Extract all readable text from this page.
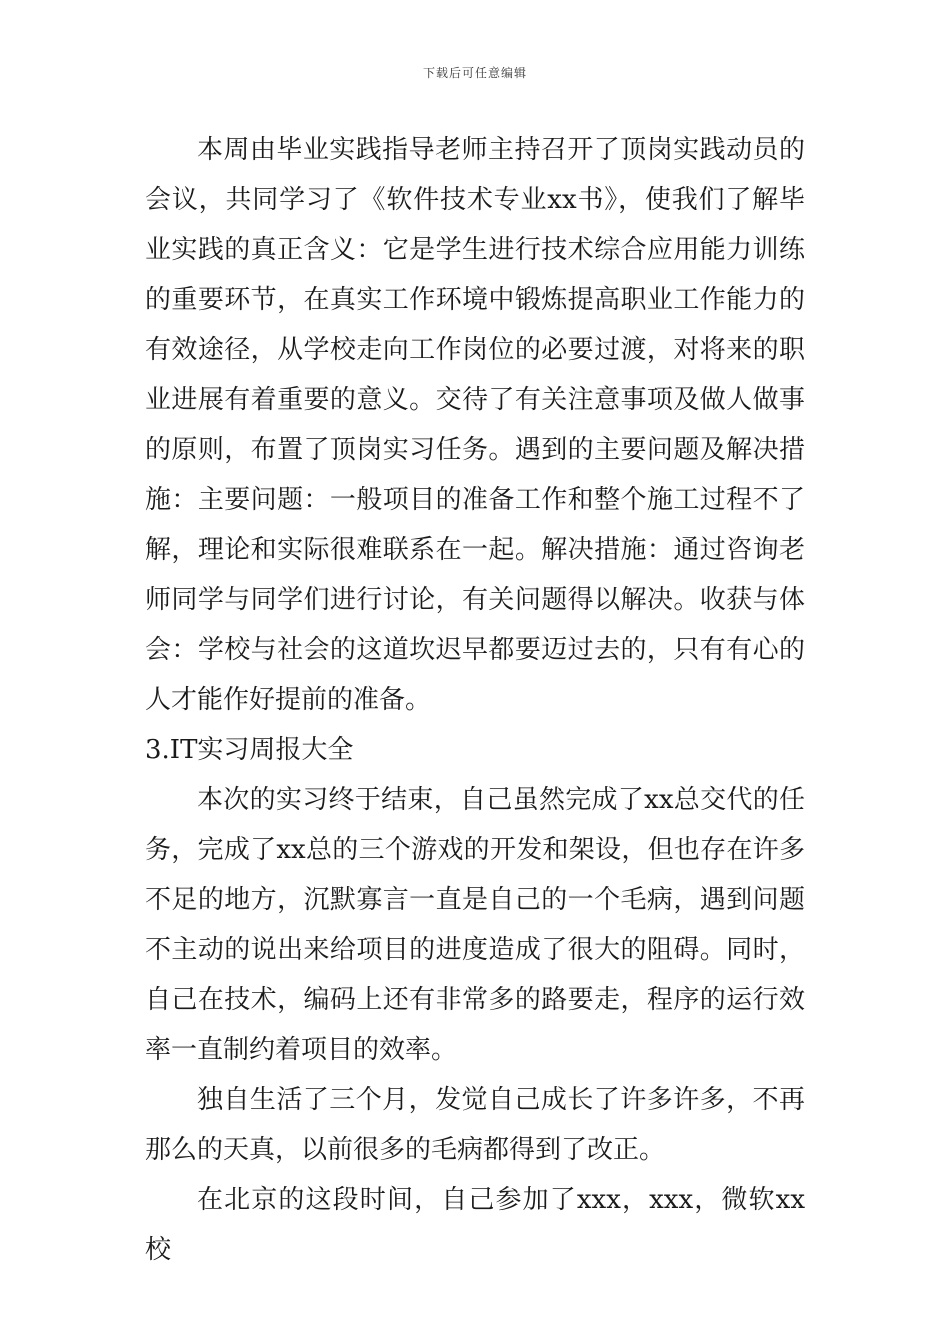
下载后可任意编辑

本周由毕业实践指导老师主持召开了顶岗实践动员的会议，共同学习了《软件技术专业xx书》，使我们了解毕业实践的真正含义：它是学生进行技术综合应用能力训练的重要环节，在真实工作环境中锻炼提高职业工作能力的有效途径，从学校走向工作岗位的必要过渡，对将来的职业进展有着重要的意义。交待了有关注意事项及做人做事的原则，布置了顶岗实习任务。遇到的主要问题及解决措施：主要问题：一般项目的准备工作和整个施工过程不了解，理论和实际很难联系在一起。解决措施：通过咨询老师同学与同学们进行讨论，有关问题得以解决。收获与体会：学校与社会的这道坎迟早都要迈过去的，只有有心的人才能作好提前的准备。

3.IT实习周报大全

本次的实习终于结束，自己虽然完成了xx总交代的任务，完成了xx总的三个游戏的开发和架设，但也存在许多不足的地方，沉默寡言一直是自己的一个毛病，遇到问题不主动的说出来给项目的进度造成了很大的阻碍。同时，自己在技术，编码上还有非常多的路要走，程序的运行效率一直制约着项目的效率。

独自生活了三个月，发觉自己成长了许多许多，不再那么的天真，以前很多的毛病都得到了改正。

在北京的这段时间，自己参加了xxx，xxx，微软xx校
